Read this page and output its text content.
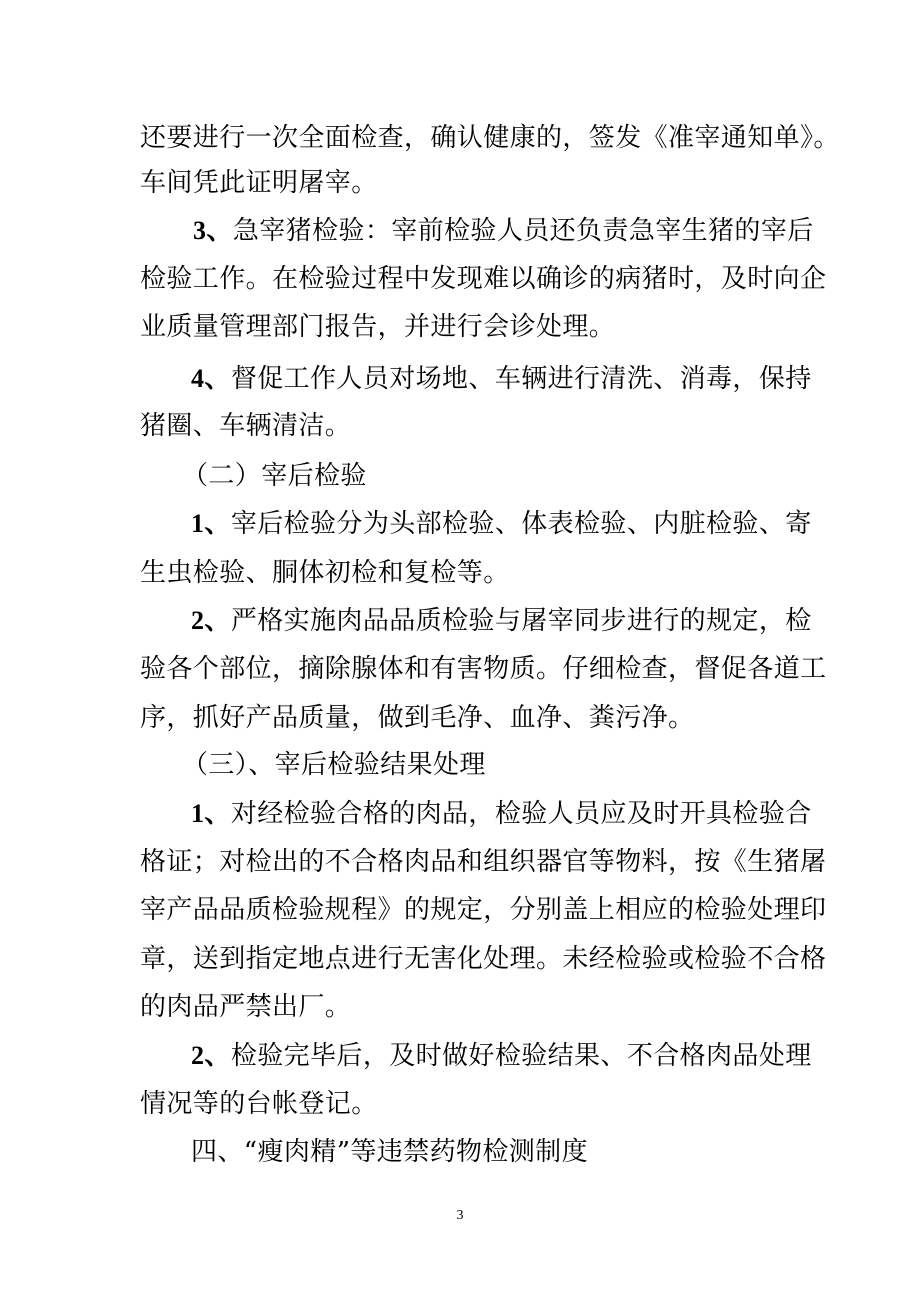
还要进行一次全面检查，确认健康的，签发《准宰通知单》。
车间凭此证明屠宰。
3、急宰猪检验：宰前检验人员还负责急宰生猪的宰后
检验工作。在检验过程中发现难以确诊的病猪时，及时向企
业质量管理部门报告，并进行会诊处理。
4、督促工作人员对场地、车辆进行清洗、消毒，保持
猪圈、车辆清洁。
（二）宰后检验
1、宰后检验分为头部检验、体表检验、内脏检验、寄
生虫检验、胴体初检和复检等。
2、严格实施肉品品质检验与屠宰同步进行的规定，检
验各个部位，摘除腺体和有害物质。仔细检查，督促各道工
序，抓好产品质量，做到毛净、血净、粪污净。
（三）、宰后检验结果处理
1、对经检验合格的肉品，检验人员应及时开具检验合
格证；对检出的不合格肉品和组织器官等物料，按《生猪屠
宰产品品质检验规程》的规定，分别盖上相应的检验处理印
章，送到指定地点进行无害化处理。未经检验或检验不合格
的肉品严禁出厂。
2、检验完毕后，及时做好检验结果、不合格肉品处理
情况等的台帐登记。
四、“瘦肉精”等违禁药物检测制度
3
